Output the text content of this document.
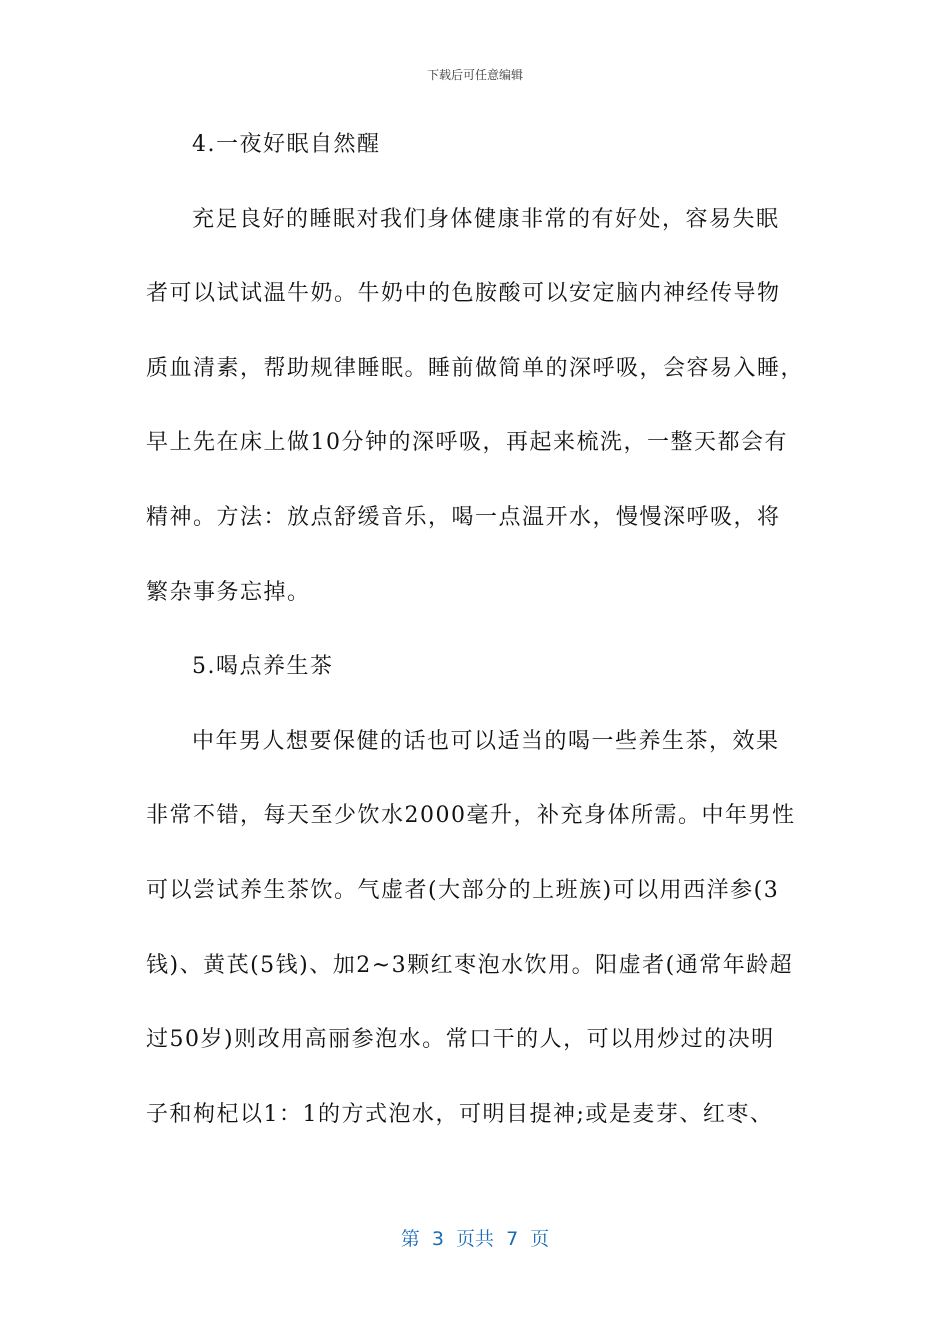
下载后可任意编辑
4.一夜好眠自然醒
充足良好的睡眠对我们身体健康非常的有好处，容易失眠
者可以试试温牛奶。牛奶中的色胺酸可以安定脑内神经传导物
质血清素，帮助规律睡眠。睡前做简单的深呼吸，会容易入睡，
早上先在床上做10分钟的深呼吸，再起来梳洗，一整天都会有
精神。方法：放点舒缓音乐，喝一点温开水，慢慢深呼吸，将
繁杂事务忘掉。
5.喝点养生茶
中年男人想要保健的话也可以适当的喝一些养生茶，效果
非常不错，每天至少饮水2000毫升，补充身体所需。中年男性
可以尝试养生茶饮。气虚者(大部分的上班族)可以用西洋参(3
钱)、黄芪(5钱)、加2~3颗红枣泡水饮用。阳虚者(通常年龄超
过50岁)则改用高丽参泡水。常口干的人，可以用炒过的决明
子和枸杞以1：1的方式泡水，可明目提神;或是麦芽、红枣、
第  3  页共  7  页
